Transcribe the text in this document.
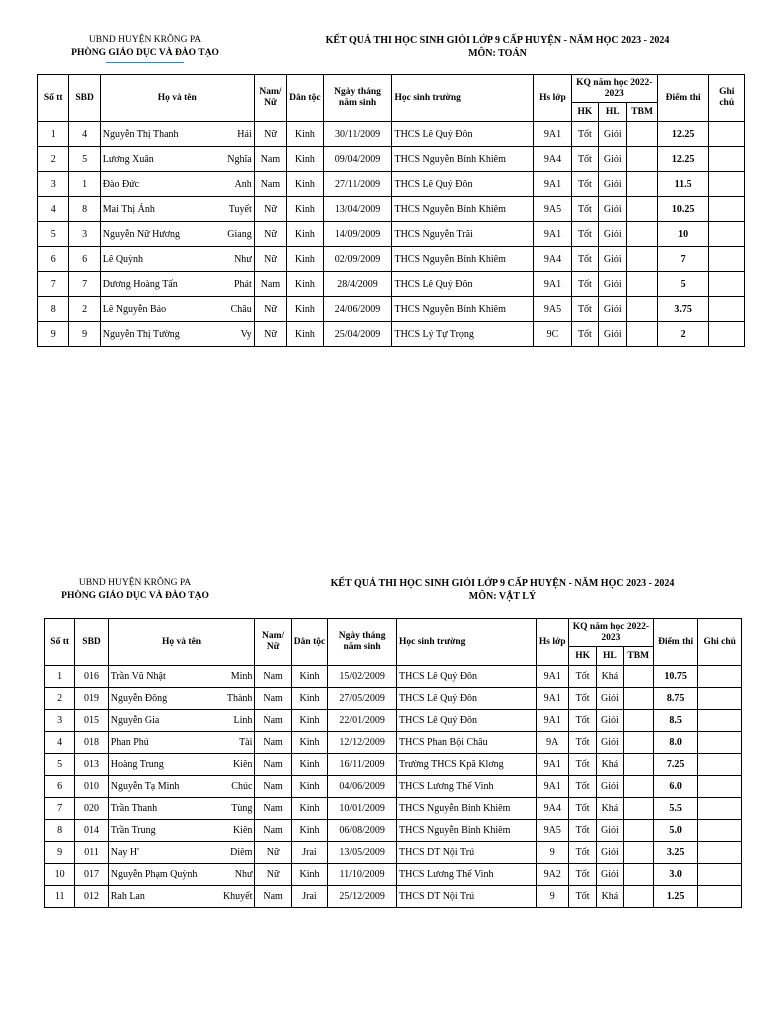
UBND HUYỆN KRÔNG PA
PHÒNG GIÁO DỤC VÀ ĐÀO TẠO
KẾT QUẢ THI HỌC SINH GIỎI LỚP 9 CẤP HUYỆN - NĂM HỌC 2023 - 2024
MÔN: TOÁN
Số tt	SBD	Họ và tên	Nam/ Nữ	Dân tộc	Ngày tháng năm sinh	Học sinh trường	Hs lớp	KQ năm học 2022-2023			Điểm thi	Ghi chú
								HK	HL	TBM		
1	4	Nguyễn Thị Thanh Hải	Nữ	Kinh	30/11/2009	THCS Lê Quý Đôn	9A1	Tốt	Giỏi		12.25	
2	5	Lương Xuân Nghĩa	Nam	Kinh	09/04/2009	THCS Nguyễn Bỉnh Khiêm	9A4	Tốt	Giỏi		12.25	
3	1	Đào Đức Anh	Nam	Kinh	27/11/2009	THCS Lê Quý Đôn	9A1	Tốt	Giỏi		11.5	
4	8	Mai Thị Ánh Tuyết	Nữ	Kinh	13/04/2009	THCS Nguyễn Bỉnh Khiêm	9A5	Tốt	Giỏi		10.25	
5	3	Nguyễn Nữ Hương Giang	Nữ	Kinh	14/09/2009	THCS Nguyễn Trãi	9A1	Tốt	Giỏi		10	
6	6	Lê Quỳnh Như	Nữ	Kinh	02/09/2009	THCS Nguyễn Bỉnh Khiêm	9A4	Tốt	Giỏi		7	
7	7	Dương Hoàng Tấn Phát	Nam	Kinh	28/4/2009	THCS Lê Quý Đôn	9A1	Tốt	Giỏi		5	
8	2	Lê Nguyễn Bảo Châu	Nữ	Kinh	24/06/2009	THCS Nguyễn Bỉnh Khiêm	9A5	Tốt	Giỏi		3.75	
9	9	Nguyễn Thị Tường Vy	Nữ	Kinh	25/04/2009	THCS Lý Tự Trọng	9C	Tốt	Giỏi		2	
UBND HUYỆN KRÔNG PA
PHÒNG GIÁO DỤC VÀ ĐÀO TẠO
KẾT QUẢ THI HỌC SINH GIỎI LỚP 9 CẤP HUYỆN - NĂM HỌC 2023 - 2024
MÔN: VẬT LÝ
Số tt	SBD	Họ và tên	Nam/ Nữ	Dân tộc	Ngày tháng năm sinh	Học sinh trường	Hs lớp	KQ năm học 2022-2023			Điểm thi	Ghi chú
								HK	HL	TBM		
1	016	Trần Vũ Nhật Minh	Nam	Kinh	15/02/2009	THCS Lê Quý Đôn	9A1	Tốt	Khá		10.75	
2	019	Nguyễn Đông Thành	Nam	Kinh	27/05/2009	THCS Lê Quý Đôn	9A1	Tốt	Giỏi		8.75	
3	015	Nguyễn Gia Linh	Nam	Kinh	22/01/2009	THCS Lê Quý Đôn	9A1	Tốt	Giỏi		8.5	
4	018	Phan Phú Tài	Nam	Kinh	12/12/2009	THCS Phan Bội Châu	9A	Tốt	Giỏi		8.0	
5	013	Hoàng Trung Kiên	Nam	Kinh	16/11/2009	Trường THCS Kpă Klơng	9A1	Tốt	Khá		7.25	
6	010	Nguyễn Tạ Minh Chúc	Nam	Kinh	04/06/2009	THCS Lương Thế Vinh	9A1	Tốt	Giỏi		6.0	
7	020	Trần Thanh Tùng	Nam	Kinh	10/01/2009	THCS Nguyễn Bỉnh Khiêm	9A4	Tốt	Khá		5.5	
8	014	Trần Trung Kiên	Nam	Kinh	06/08/2009	THCS Nguyễn Bỉnh Khiêm	9A5	Tốt	Giỏi		5.0	
9	011	Nay H' Diêm	Nữ	Jrai	13/05/2009	THCS DT Nội Trú	9	Tốt	Giỏi		3.25	
10	017	Nguyễn Phạm Quỳnh Như	Nữ	Kinh	11/10/2009	THCS Lương Thế Vinh	9A2	Tốt	Giỏi		3.0	
11	012	Rah Lan Khuyết	Nam	Jrai	25/12/2009	THCS DT Nội Trú	9	Tốt	Khá		1.25	
